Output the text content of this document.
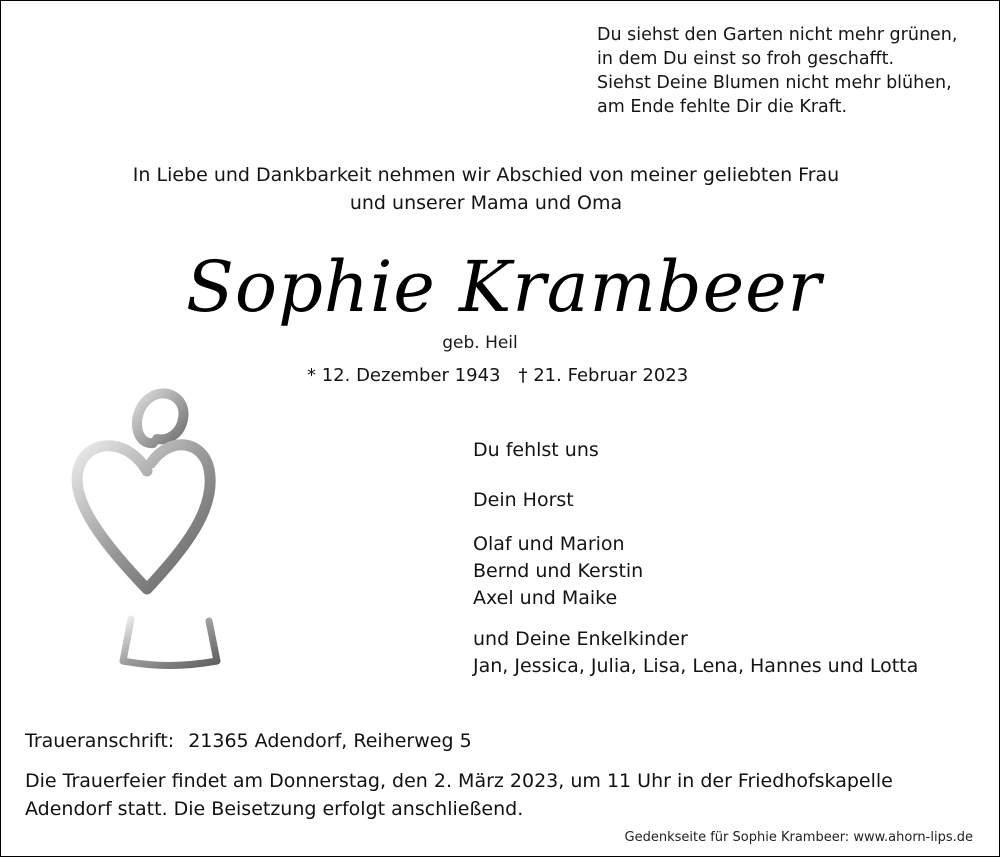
Du siehst den Garten nicht mehr grünen,
in dem Du einst so froh geschafft.
Siehst Deine Blumen nicht mehr blühen,
am Ende fehlte Dir die Kraft.
In Liebe und Dankbarkeit nehmen wir Abschied von meiner geliebten Frau
und unserer Mama und Oma
Sophie Krambeer
geb. Heil
* 12. Dezember 1943 † 21. Februar 2023
Du fehlst uns
Dein Horst
Olaf und Marion
Bernd und Kerstin
Axel und Maike
und Deine Enkelkinder
Jan, Jessica, Julia, Lisa, Lena, Hannes und Lotta
Traueranschrift: 21365 Adendorf, Reiherweg 5
Die Trauerfeier findet am Donnerstag, den 2. März 2023, um 11 Uhr in der Friedhofskapelle
Adendorf statt. Die Beisetzung erfolgt anschließend.
Gedenkseite für Sophie Krambeer: www.ahorn-lips.de
